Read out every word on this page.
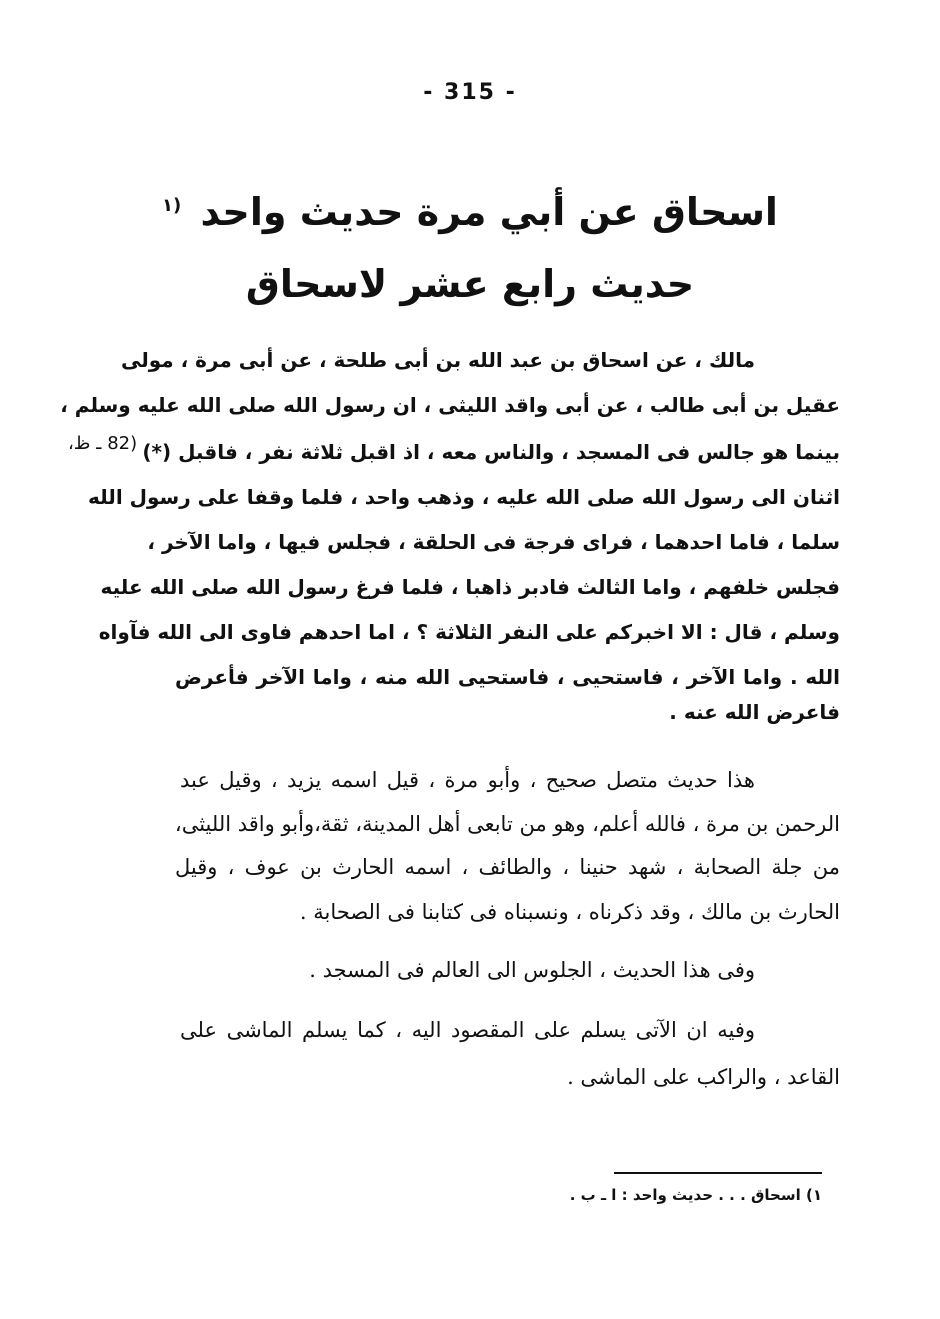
- 315 -
اسحاق عن أبي مرة حديث واحد $^{(١}$
حديث رابع عشر لاسحاق
(82 ـ ظ،
مالك ، عن اسحاق بن عبد الله بن أبى طلحة ، عن أبى مرة ، مولى
عقيل بن أبى طالب ، عن أبى واقد الليثى ، ان رسول الله صلى الله عليه وسلم ،
بينما هو جالس فى المسجد ، والناس معه ، اذ اقبل ثلاثة نفر ، فاقبل (*)
اثنان الى رسول الله صلى الله عليه ، وذهب واحد ، فلما وقفا على رسول الله
سلما ، فاما احدهما ، فراى فرجة فى الحلقة ، فجلس فيها ، واما الآخر ،
فجلس خلفهم ، واما الثالث فادبر ذاهبا ، فلما فرغ رسول الله صلى الله عليه
وسلم ، قال : الا اخبركم على النفر الثلاثة ؟ ، اما احدهم فاوى الى الله فآواه
الله . واما الآخر ، فاستحيى ، فاستحيى الله منه ، واما الآخر فأعرض
فاعرض الله عنه .
هذا حديث متصل صحيح ، وأبو مرة ، قيل اسمه يزيد ، وقيل عبد
الرحمن بن مرة ، فالله أعلم، وهو من تابعى أهل المدينة، ثقة،وأبو واقد الليثى،
من جلة الصحابة ، شهد حنينا ، والطائف ، اسمه الحارث بن عوف ، وقيل
الحارث بن مالك ، وقد ذكرناه ، ونسبناه فى كتابنا فى الصحابة .
وفى هذا الحديث ، الجلوس الى العالم فى المسجد .
وفيه ان الآتى يسلم على المقصود اليه ، كما يسلم الماشى على
القاعد ، والراكب على الماشى .
١) اسحاق . . . حديث واحد : ا ـ ب .
